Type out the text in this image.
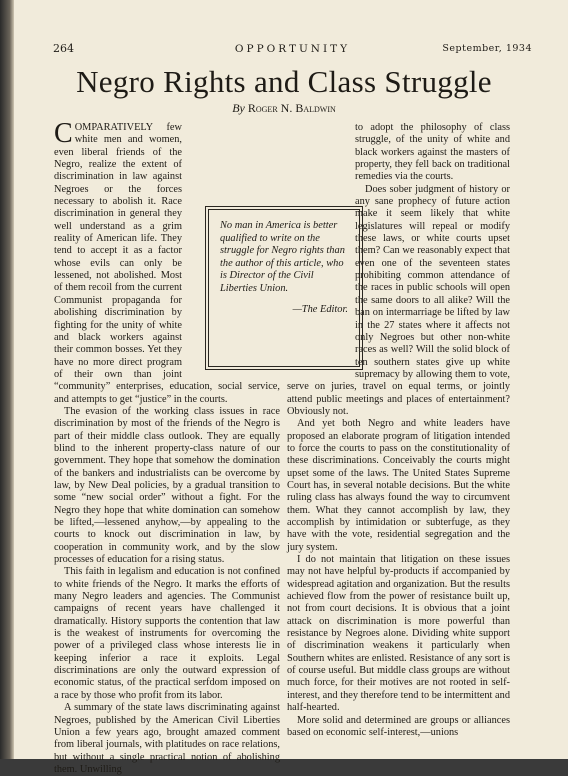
264	OPPORTUNITY	September, 1934
Negro Rights and Class Struggle
By Roger N. Baldwin

COMPARATIVELY few white men and women, even liberal friends of the Negro, realize the extent of discrimination in law against Negroes or the forces necessary to abolish it. Race discrimination in general they well understand as a grim reality of American life. They tend to accept it as a factor whose evils can only be lessened, not abolished. Most of them recoil from the current Communist propaganda for abolishing discrimination by fighting for the unity of white and black workers against their common bosses. Yet they have no more direct program of their own than joint “community” enterprises, education, social service, and attempts to get “justice” in the courts.

The evasion of the working class issues in race discrimination by most of the friends of the Negro is part of their middle class outlook. They are equally blind to the inherent property-class nature of our government. They hope that somehow the domination of the bankers and industrialists can be overcome by law, by New Deal policies, by a gradual transition to some “new social order” without a fight. For the Negro they hope that white domination can somehow be lifted,—lessened anyhow,—by appealing to the courts to knock out discrimination in law, by cooperation in community work, and by the slow processes of education for a rising status.

This faith in legalism and education is not confined to white friends of the Negro. It marks the efforts of many Negro leaders and agencies. The Communist campaigns of recent years have challenged it dramatically. History supports the contention that law is the weakest of instruments for overcoming the power of a privileged class whose interests lie in keeping inferior a race it exploits. Legal discriminations are only the outward expression of economic status, of the practical serfdom imposed on a race by those who profit from its labor.

A summary of the state laws discriminating against Negroes, published by the American Civil Liberties Union a few years ago, brought amazed comment from liberal journals, with platitudes on race relations, but without a single practical notion of abolishing them. Unwilling

to adopt the philosophy of class struggle, of the unity of white and black workers against the masters of property, they fell back on traditional remedies via the courts.

Does sober judgment of history or any sane prophecy of future action make it seem likely that white legislatures will repeal or modify these laws, or white courts upset them? Can we reasonably expect that even one of the seventeen states prohibiting common attendance of the races in public schools will open the same doors to all alike? Will the ban on intermarriage be lifted by law in the 27 states where it affects not only Negroes but other non-white races as well? Will the solid block of ten southern states give up white supremacy by allowing them to vote, serve on juries, travel on equal terms, or jointly attend public meetings and places of entertainment? Obviously not.

And yet both Negro and white leaders have proposed an elaborate program of litigation intended to force the courts to pass on the constitutionality of these discriminations. Conceivably the courts might upset some of the laws. The United States Supreme Court has, in several notable decisions. But the white ruling class has always found the way to circumvent them. What they cannot accomplish by law, they accomplish by intimidation or subterfuge, as they have with the vote, residential segregation and the jury system.

I do not maintain that litigation on these issues may not have helpful by-products if accompanied by widespread agitation and organization. But the results achieved flow from the power of resistance built up, not from court decisions. It is obvious that a joint attack on discrimination is more powerful than resistance by Negroes alone. Dividing white support of discrimination weakens it particularly when Southern whites are enlisted. Resistance of any sort is of course useful. But middle class groups are without much force, for their motives are not rooted in self-interest, and they therefore tend to be intermittent and half-hearted.

More solid and determined are groups or alliances based on economic self-interest,—unions

No man in America is better qualified to write on the struggle for Negro rights than the author of this article, who is Director of the Civil Liberties Union.
—The Editor.
